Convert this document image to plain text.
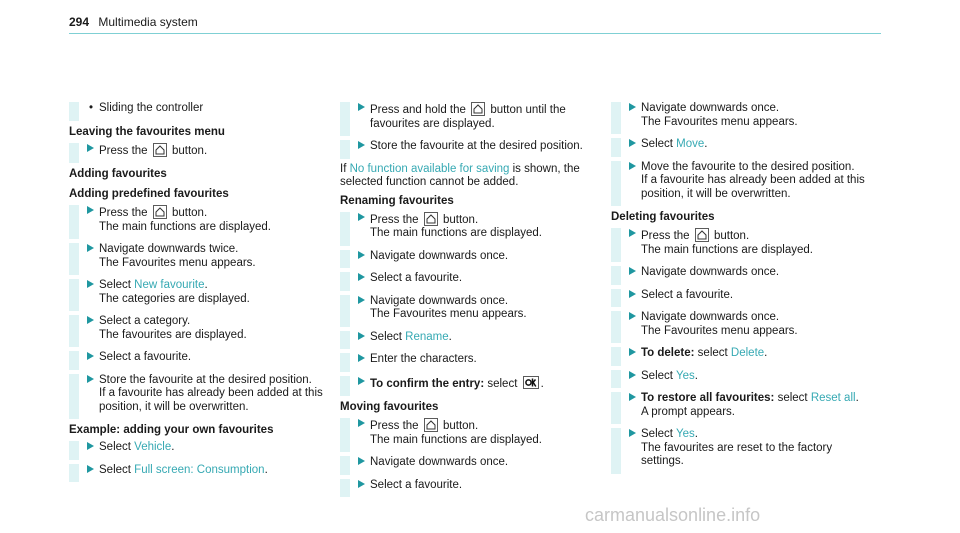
294 Multimedia system
• Sliding the controller
Leaving the favourites menu
Press the button.
Adding favourites
Adding predefined favourites
Press the button.
The main functions are displayed.
Navigate downwards twice.
The Favourites menu appears.
Select New favourite.
The categories are displayed.
Select a category.
The favourites are displayed.
Select a favourite.
Store the favourite at the desired position.
If a favourite has already been added at this position, it will be overwritten.
Example: adding your own favourites
Select Vehicle.
Select Full screen: Consumption.
Press and hold the button until the favourites are displayed.
Store the favourite at the desired position.
If No function available for saving is shown, the selected function cannot be added.
Renaming favourites
Press the button.
The main functions are displayed.
Navigate downwards once.
Select a favourite.
Navigate downwards once.
The Favourites menu appears.
Select Rename.
Enter the characters.
To confirm the entry: select .
Moving favourites
Press the button.
The main functions are displayed.
Navigate downwards once.
Select a favourite.
Navigate downwards once.
The Favourites menu appears.
Select Move.
Move the favourite to the desired position.
If a favourite has already been added at this position, it will be overwritten.
Deleting favourites
Press the button.
The main functions are displayed.
Navigate downwards once.
Select a favourite.
Navigate downwards once.
The Favourites menu appears.
To delete: select Delete.
Select Yes.
To restore all favourites: select Reset all.
A prompt appears.
Select Yes.
The favourites are reset to the factory settings.
carmanualsonline.info
